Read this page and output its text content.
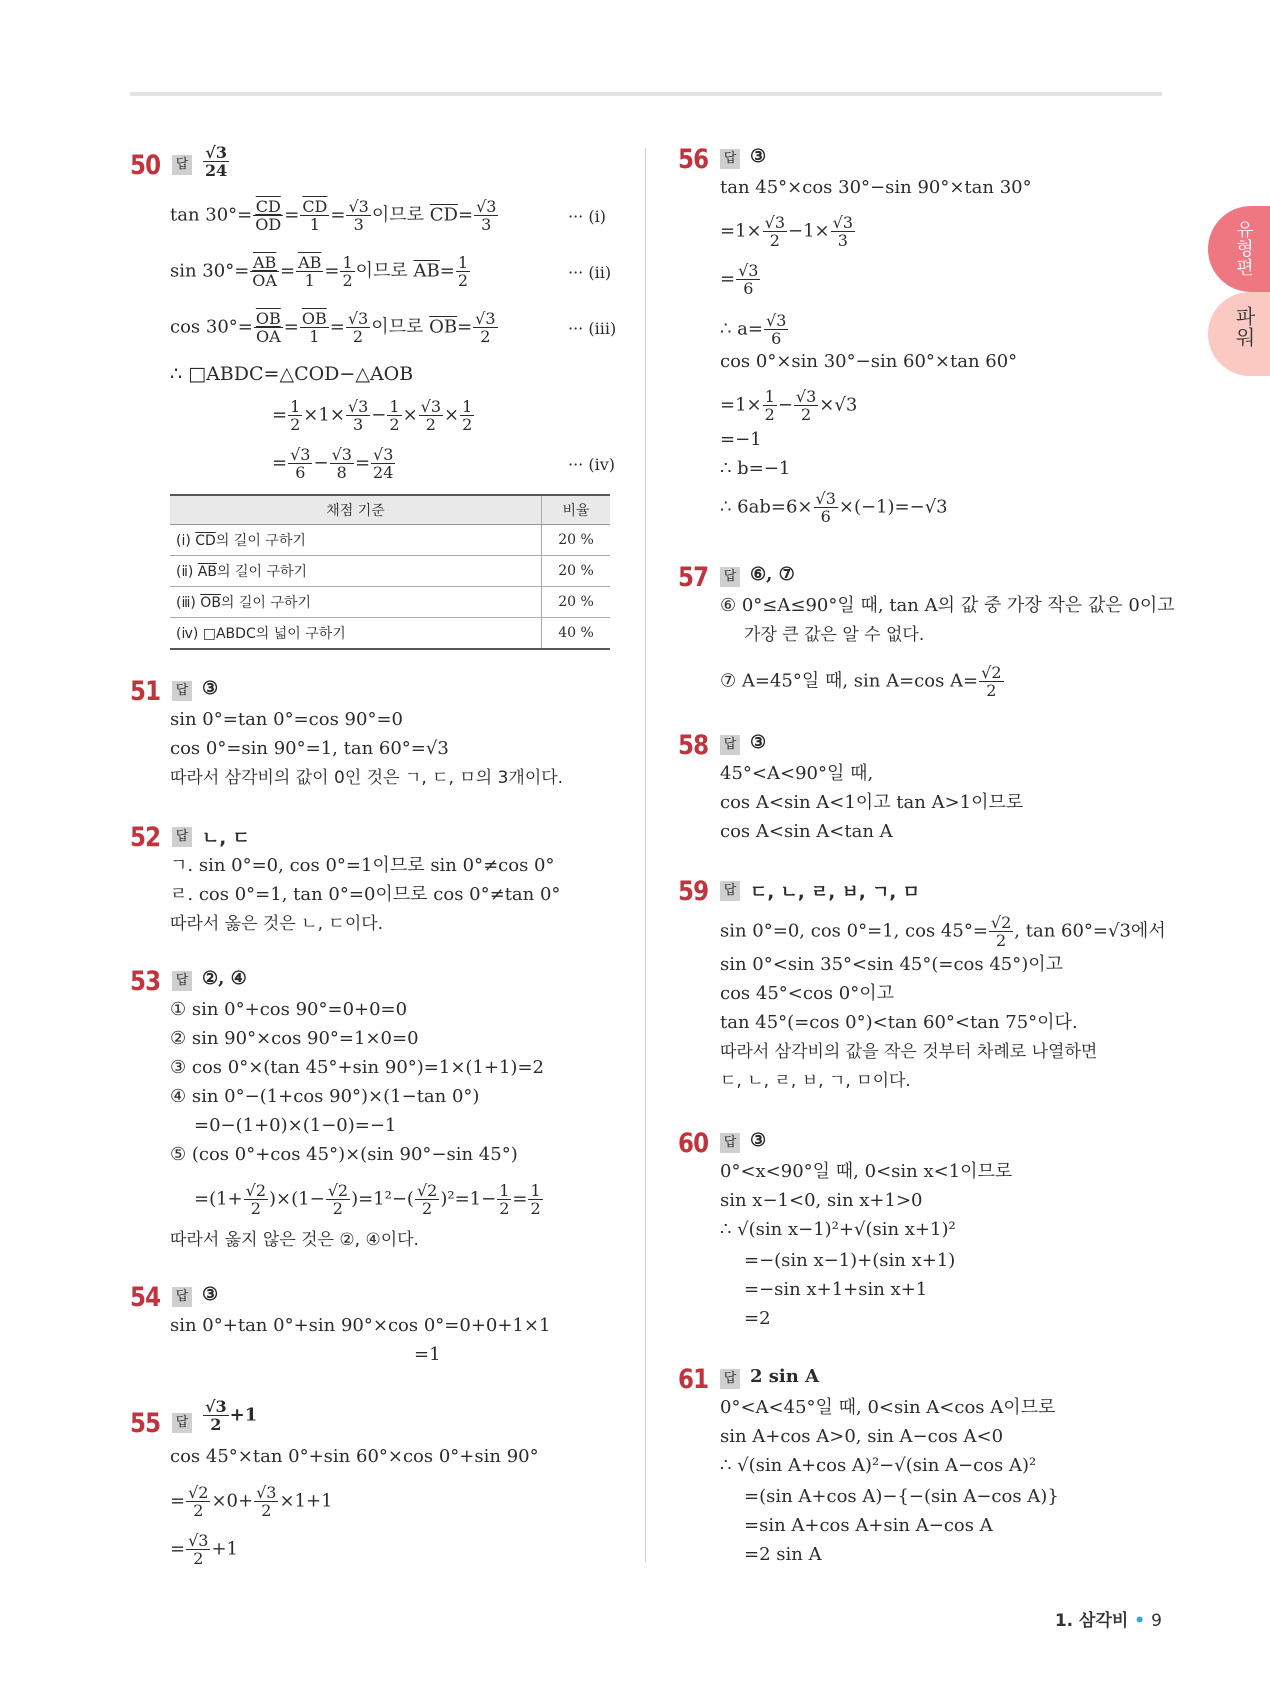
유형편
파워
50 답 $\frac{√3}{24}$
$\tan 30^\circ= \frac{\overline{CD}}{OD} = \frac{\overline{CD}}{1} = \frac{√3}{3}$ 이므로 $\overline{CD}= \frac{√3}{3}$	··· (ⅰ)
$\sin 30^\circ= \frac{\overline{AB}}{OA} = \frac{\overline{AB}}{1} = \frac{1}{2}$ 이므로 $\overline{AB}= \frac{1}{2}$	··· (ⅱ)
$\cos 30^\circ= \frac{\overline{OB}}{OA} = \frac{\overline{OB}}{1} = \frac{√3}{2}$ 이므로 $\overline{OB}= \frac{√3}{2}$	··· (ⅲ)
∴ □ABDC=△COD−△AOB
= $\frac{1}{2} \times 1\times \frac{√3}{3} - \frac{1}{2} \times \frac{√3}{2} \times \frac{1}{2}$
= $\frac{√3}{6} - \frac{√3}{8} = \frac{√3}{24}$	··· (ⅳ)
채점 기준	비율
(ⅰ) $\overline{CD}$의 길이 구하기	20 %
(ⅱ) $\overline{AB}$의 길이 구하기	20 %
(ⅲ) $\overline{OB}$의 길이 구하기	20 %
(ⅳ) □ABDC의 넓이 구하기	40 %
51 답 ③
sin 0°=tan 0°=cos 90°=0
cos 0°=sin 90°=1, tan 60°=√3
따라서 삼각비의 값이 0인 것은 ㄱ, ㄷ, ㅁ의 3개이다.
52 답 ㄴ, ㄷ
ㄱ. sin 0°=0, cos 0°=1이므로 sin 0°≠cos 0°
ㄹ. cos 0°=1, tan 0°=0이므로 cos 0°≠tan 0°
따라서 옳은 것은 ㄴ, ㄷ이다.
53 답 ②, ④
① sin 0°+cos 90°=0+0=0
② sin 90°×cos 90°=1×0=0
③ cos 0°×(tan 45°+sin 90°)=1×(1+1)=2
④ sin 0°−(1+cos 90°)×(1−tan 0°)
=0−(1+0)×(1−0)=−1
⑤ (cos 0°+cos 45°)×(sin 90°−sin 45°)
$=(1+ \frac{√2}{2} )\times(1- \frac{√2}{2} )=1^2-( \frac{√2}{2} )^2=1- \frac{1}{2} = \frac{1}{2}$
따라서 옳지 않은 것은 ②, ④이다.
54 답 ③
sin 0°+tan 0°+sin 90°×cos 0°=0+0+1×1
=1
55 답 $\frac{√3}{2} +1$
cos 45°×tan 0°+sin 60°×cos 0°+sin 90°
= $\frac{√2}{2} \times 0+ \frac{√3}{2} \times 1+1$
= $\frac{√3}{2} +1$
56 답 ③
tan 45°×cos 30°−sin 90°×tan 30°
$=1\times \frac{√3}{2} -1\times \frac{√3}{3}$
= $\frac{√3}{6}$
∴ $a= \frac{√3}{6}$
cos 0°×sin 30°−sin 60°×tan 60°
$=1\times \frac{1}{2} - \frac{√3}{2} \times√3$
=−1
∴ b=−1
∴ $6ab=6\times \frac{√3}{6} \times(-1)=-√3$
57 답 ⑥, ⑦
⑥ 0°≤A≤90°일 때, tan A의 값 중 가장 작은 값은 0이고
가장 큰 값은 알 수 없다.
⑦ A=45°일 때, sin A=cos $A= \frac{√2}{2}$
58 답 ③
45°<A<90°일 때,
cos A<sin A<1이고 tan A>1이므로
cos A<sin A<tan A
59 답 ㄷ, ㄴ, ㄹ, ㅂ, ㄱ, ㅁ
sin 0°=0, cos 0°=1, $\cos 45^\circ= \frac{√2}{2}$ , tan 60°=√3에서
sin 0°<sin 35°<sin 45°(=cos 45°)이고
cos 45°<cos 0°이고
tan 45°(=cos 0°)<tan 60°<tan 75°이다.
따라서 삼각비의 값을 작은 것부터 차례로 나열하면
ㄷ, ㄴ, ㄹ, ㅂ, ㄱ, ㅁ이다.
60 답 ③
0°<x<90°일 때, 0<sin x<1이므로
sin x−1<0, sin x+1>0
∴ √(sin x−1)²+√(sin x+1)²
=−(sin x−1)+(sin x+1)
=−sin x+1+sin x+1
=2
61 답 2 sin A
0°<A<45°일 때, 0<sin A<cos A이므로
sin A+cos A>0, sin A−cos A<0
∴ √(sin A+cos A)²−√(sin A−cos A)²
=(sin A+cos A)−{−(sin A−cos A)}
=sin A+cos A+sin A−cos A
=2 sin A
1. 삼각비 • 9
